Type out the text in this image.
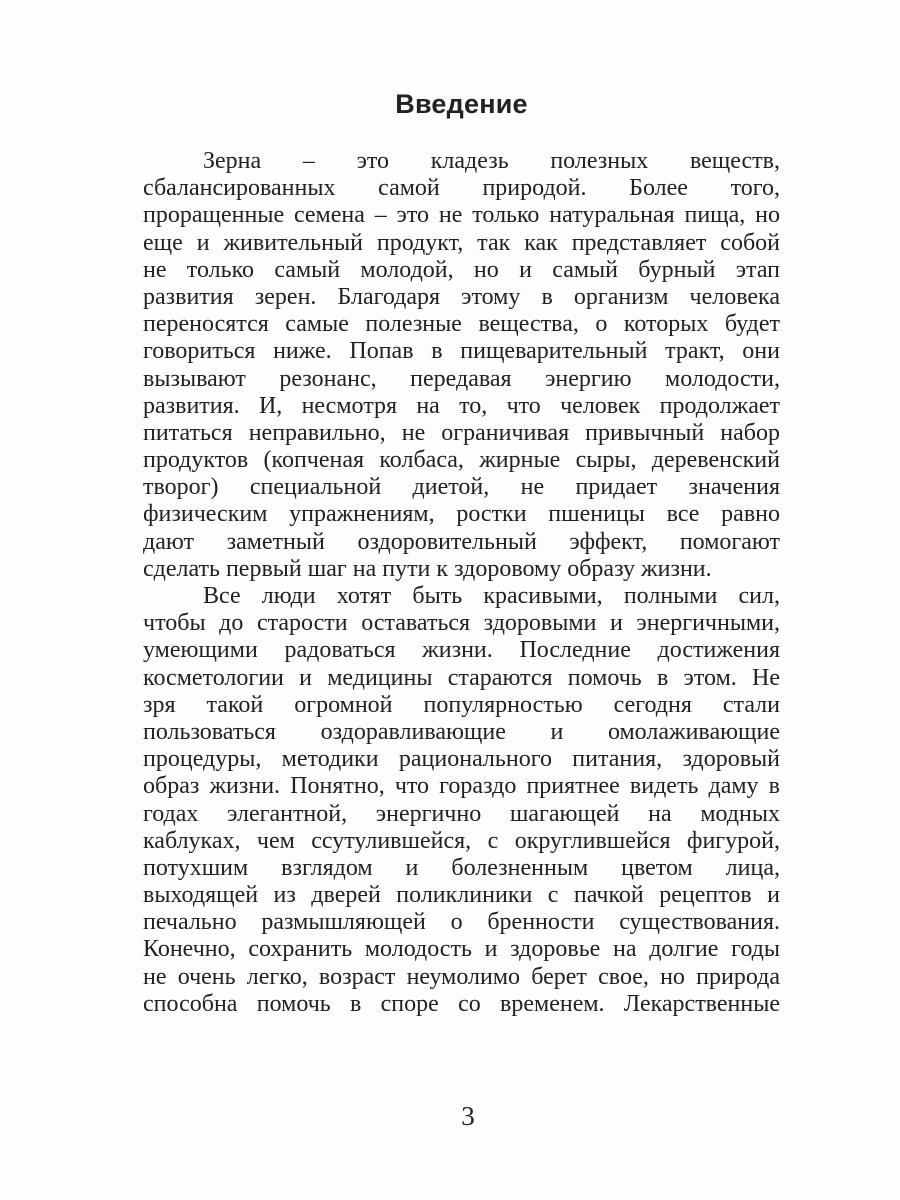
Введение
Зерна – это кладезь полезных веществ,
сбалансированных самой природой. Более того,
проращенные семена – это не только натуральная пища, но
еще и живительный продукт, так как представляет собой
не только самый молодой, но и самый бурный этап
развития зерен. Благодаря этому в организм человека
переносятся самые полезные вещества, о которых будет
говориться ниже. Попав в пищеварительный тракт, они
вызывают резонанс, передавая энергию молодости,
развития. И, несмотря на то, что человек продолжает
питаться неправильно, не ограничивая привычный набор
продуктов (копченая колбаса, жирные сыры, деревенский
творог) специальной диетой, не придает значения
физическим упражнениям, ростки пшеницы все равно
дают заметный оздоровительный эффект, помогают
сделать первый шаг на пути к здоровому образу жизни.
Все люди хотят быть красивыми, полными сил,
чтобы до старости оставаться здоровыми и энергичными,
умеющими радоваться жизни. Последние достижения
косметологии и медицины стараются помочь в этом. Не
зря такой огромной популярностью сегодня стали
пользоваться оздоравливающие и омолаживающие
процедуры, методики рационального питания, здоровый
образ жизни. Понятно, что гораздо приятнее видеть даму в
годах элегантной, энергично шагающей на модных
каблуках, чем ссутулившейся, с округлившейся фигурой,
потухшим взглядом и болезненным цветом лица,
выходящей из дверей поликлиники с пачкой рецептов и
печально размышляющей о бренности существования.
Конечно, сохранить молодость и здоровье на долгие годы
не очень легко, возраст неумолимо берет свое, но природа
способна помочь в споре со временем. Лекарственные
3
